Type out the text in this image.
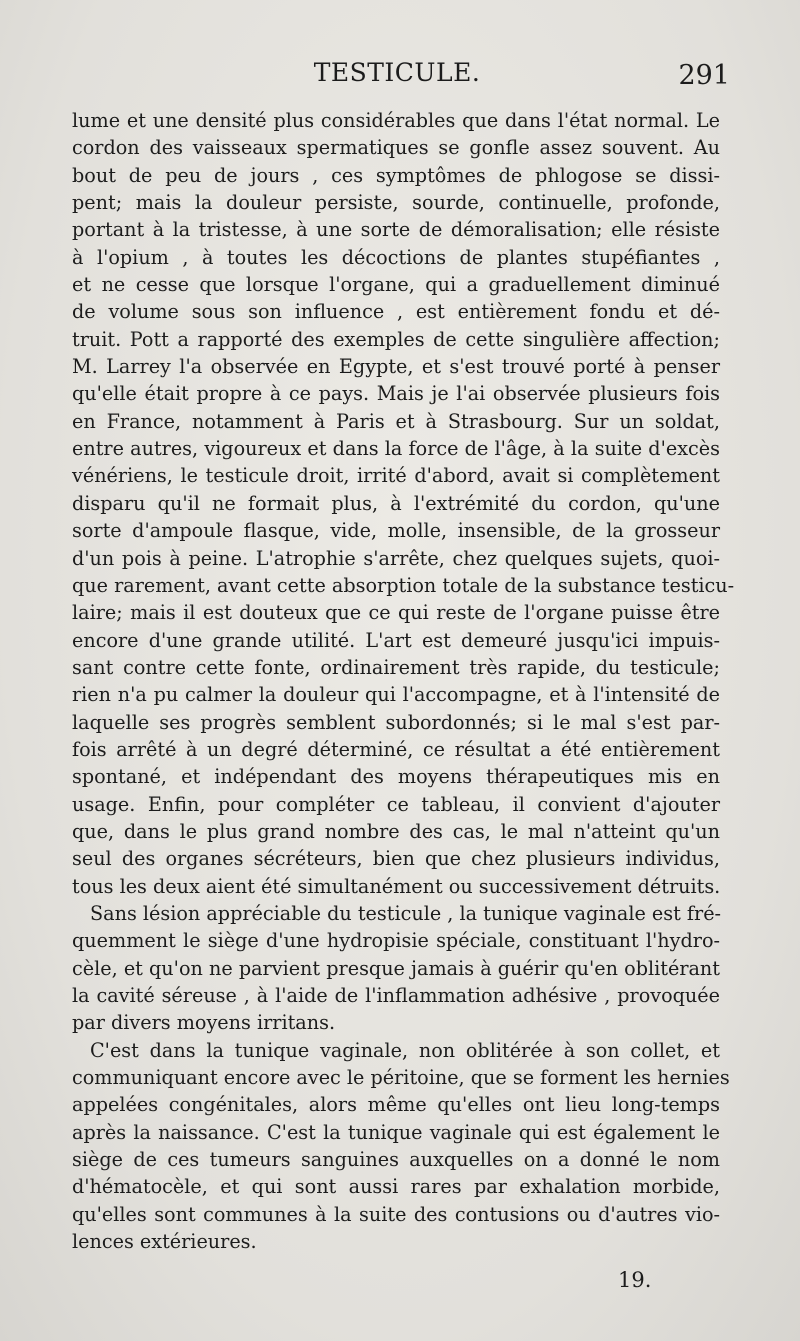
TESTICULE.	291
lume et une densité plus considérables que dans l'état normal. Le
cordon des vaisseaux spermatiques se gonfle assez souvent. Au
bout de peu de jours , ces symptômes de phlogose se dissi-
pent; mais la douleur persiste, sourde, continuelle, profonde,
portant à la tristesse, à une sorte de démoralisation; elle résiste
à l'opium , à toutes les décoctions de plantes stupéfiantes ,
et ne cesse que lorsque l'organe, qui a graduellement diminué
de volume sous son influence , est entièrement fondu et dé-
truit. Pott a rapporté des exemples de cette singulière affection;
M. Larrey l'a observée en Egypte, et s'est trouvé porté à penser
qu'elle était propre à ce pays. Mais je l'ai observée plusieurs fois
en France, notamment à Paris et à Strasbourg. Sur un soldat,
entre autres, vigoureux et dans la force de l'âge, à la suite d'excès
vénériens, le testicule droit, irrité d'abord, avait si complètement
disparu qu'il ne formait plus, à l'extrémité du cordon, qu'une
sorte d'ampoule flasque, vide, molle, insensible, de la grosseur
d'un pois à peine. L'atrophie s'arrête, chez quelques sujets, quoi-
que rarement, avant cette absorption totale de la substance testicu-
laire; mais il est douteux que ce qui reste de l'organe puisse être
encore d'une grande utilité. L'art est demeuré jusqu'ici impuis-
sant contre cette fonte, ordinairement très rapide, du testicule;
rien n'a pu calmer la douleur qui l'accompagne, et à l'intensité de
laquelle ses progrès semblent subordonnés; si le mal s'est par-
fois arrêté à un degré déterminé, ce résultat a été entièrement
spontané, et indépendant des moyens thérapeutiques mis en
usage. Enfin, pour compléter ce tableau, il convient d'ajouter
que, dans le plus grand nombre des cas, le mal n'atteint qu'un
seul des organes sécréteurs, bien que chez plusieurs individus,
tous les deux aient été simultanément ou successivement détruits.
Sans lésion appréciable du testicule , la tunique vaginale est fré-
quemment le siège d'une hydropisie spéciale, constituant l'hydro-
cèle, et qu'on ne parvient presque jamais à guérir qu'en oblitérant
la cavité séreuse , à l'aide de l'inflammation adhésive , provoquée
par divers moyens irritans.
C'est dans la tunique vaginale, non oblitérée à son collet, et
communiquant encore avec le péritoine, que se forment les hernies
appelées congénitales, alors même qu'elles ont lieu long-temps
après la naissance. C'est la tunique vaginale qui est également le
siège de ces tumeurs sanguines auxquelles on a donné le nom
d'hématocèle, et qui sont aussi rares par exhalation morbide,
qu'elles sont communes à la suite des contusions ou d'autres vio-
lences extérieures.
19.
